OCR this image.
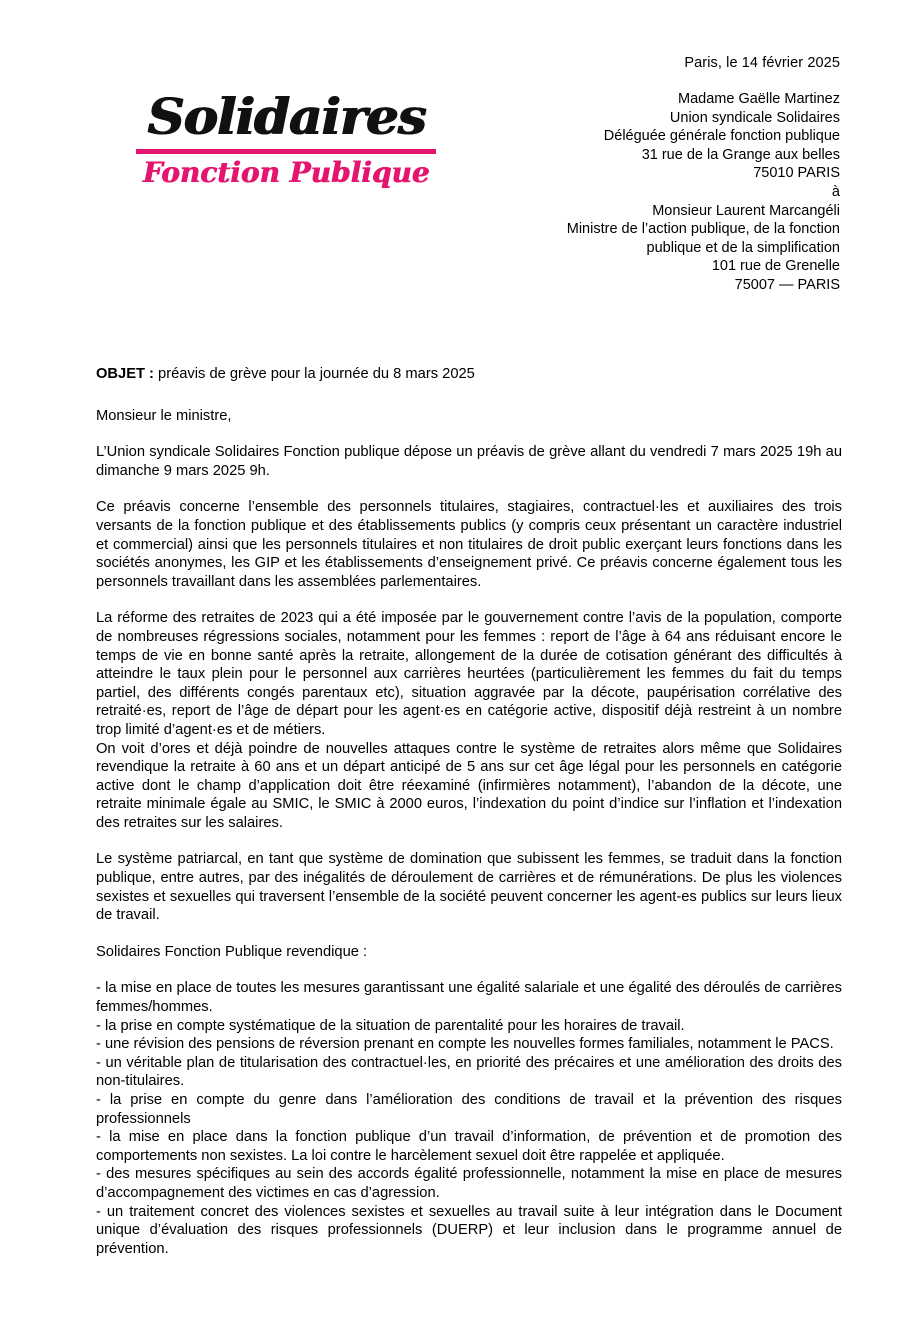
Paris, le 14 février 2025
Solidaires
Fonction Publique
Madame Gaëlle Martinez
Union syndicale Solidaires
Déléguée générale fonction publique
31 rue de la Grange aux belles
75010 PARIS
à
Monsieur Laurent Marcangéli
Ministre de l’action publique, de la fonction
publique et de la simplification
101 rue de Grenelle
75007 — PARIS
OBJET : préavis de grève pour la journée du 8 mars 2025

Monsieur le ministre,

L’Union syndicale Solidaires Fonction publique dépose un préavis de grève allant du vendredi 7 mars 2025 19h au dimanche 9 mars 2025 9h.

Ce préavis concerne l’ensemble des personnels titulaires, stagiaires, contractuel·les et auxiliaires des trois versants de la fonction publique et des établissements publics (y compris ceux présentant un caractère industriel et commercial) ainsi que les personnels titulaires et non titulaires de droit public exerçant leurs fonctions dans les sociétés anonymes, les GIP et les établissements d’enseignement privé. Ce préavis concerne également tous les personnels travaillant dans les assemblées parlementaires.

La réforme des retraites de 2023 qui a été imposée par le gouvernement contre l’avis de la population, comporte de nombreuses régressions sociales, notamment pour les femmes : report de l’âge à 64 ans réduisant encore le temps de vie en bonne santé après la retraite, allongement de la durée de cotisation générant des difficultés à atteindre le taux plein pour le personnel aux carrières heurtées (particulièrement les femmes du fait du temps partiel, des différents congés parentaux etc), situation aggravée par la décote, paupérisation corrélative des retraité·es, report de l’âge de départ pour les agent·es en catégorie active, dispositif déjà restreint à un nombre trop limité d’agent·es et de métiers.

On voit d’ores et déjà poindre de nouvelles attaques contre le système de retraites alors même que Solidaires revendique la retraite à 60 ans et un départ anticipé de 5 ans sur cet âge légal pour les personnels en catégorie active dont le champ d’application doit être réexaminé (infirmières notamment), l’abandon de la décote, une retraite minimale égale au SMIC, le SMIC à 2000 euros, l’indexation du point d’indice sur l’inflation et l’indexation des retraites sur les salaires.

Le système patriarcal, en tant que système de domination que subissent les femmes, se traduit dans la fonction publique, entre autres, par des inégalités de déroulement de carrières et de rémunérations. De plus les violences sexistes et sexuelles qui traversent l’ensemble de la société peuvent concerner les agent-es publics sur leurs lieux de travail.

Solidaires Fonction Publique revendique :

- la mise en place de toutes les mesures garantissant une égalité salariale et une égalité des déroulés de carrières femmes/hommes.

- la prise en compte systématique de la situation de parentalité pour les horaires de travail.

- une révision des pensions de réversion prenant en compte les nouvelles formes familiales, notamment le PACS.

- un véritable plan de titularisation des contractuel·les, en priorité des précaires et une amélioration des droits des non-titulaires.

- la prise en compte du genre dans l’amélioration des conditions de travail et la prévention des risques professionnels

- la mise en place dans la fonction publique d’un travail d’information, de prévention et de promotion des comportements non sexistes. La loi contre le harcèlement sexuel doit être rappelée et appliquée.

- des mesures spécifiques au sein des accords égalité professionnelle, notamment la mise en place de mesures d’accompagnement des victimes en cas d’agression.

- un traitement concret des violences sexistes et sexuelles au travail suite à leur intégration dans le Document unique d’évaluation des risques professionnels (DUERP) et leur inclusion dans le programme annuel de prévention.
